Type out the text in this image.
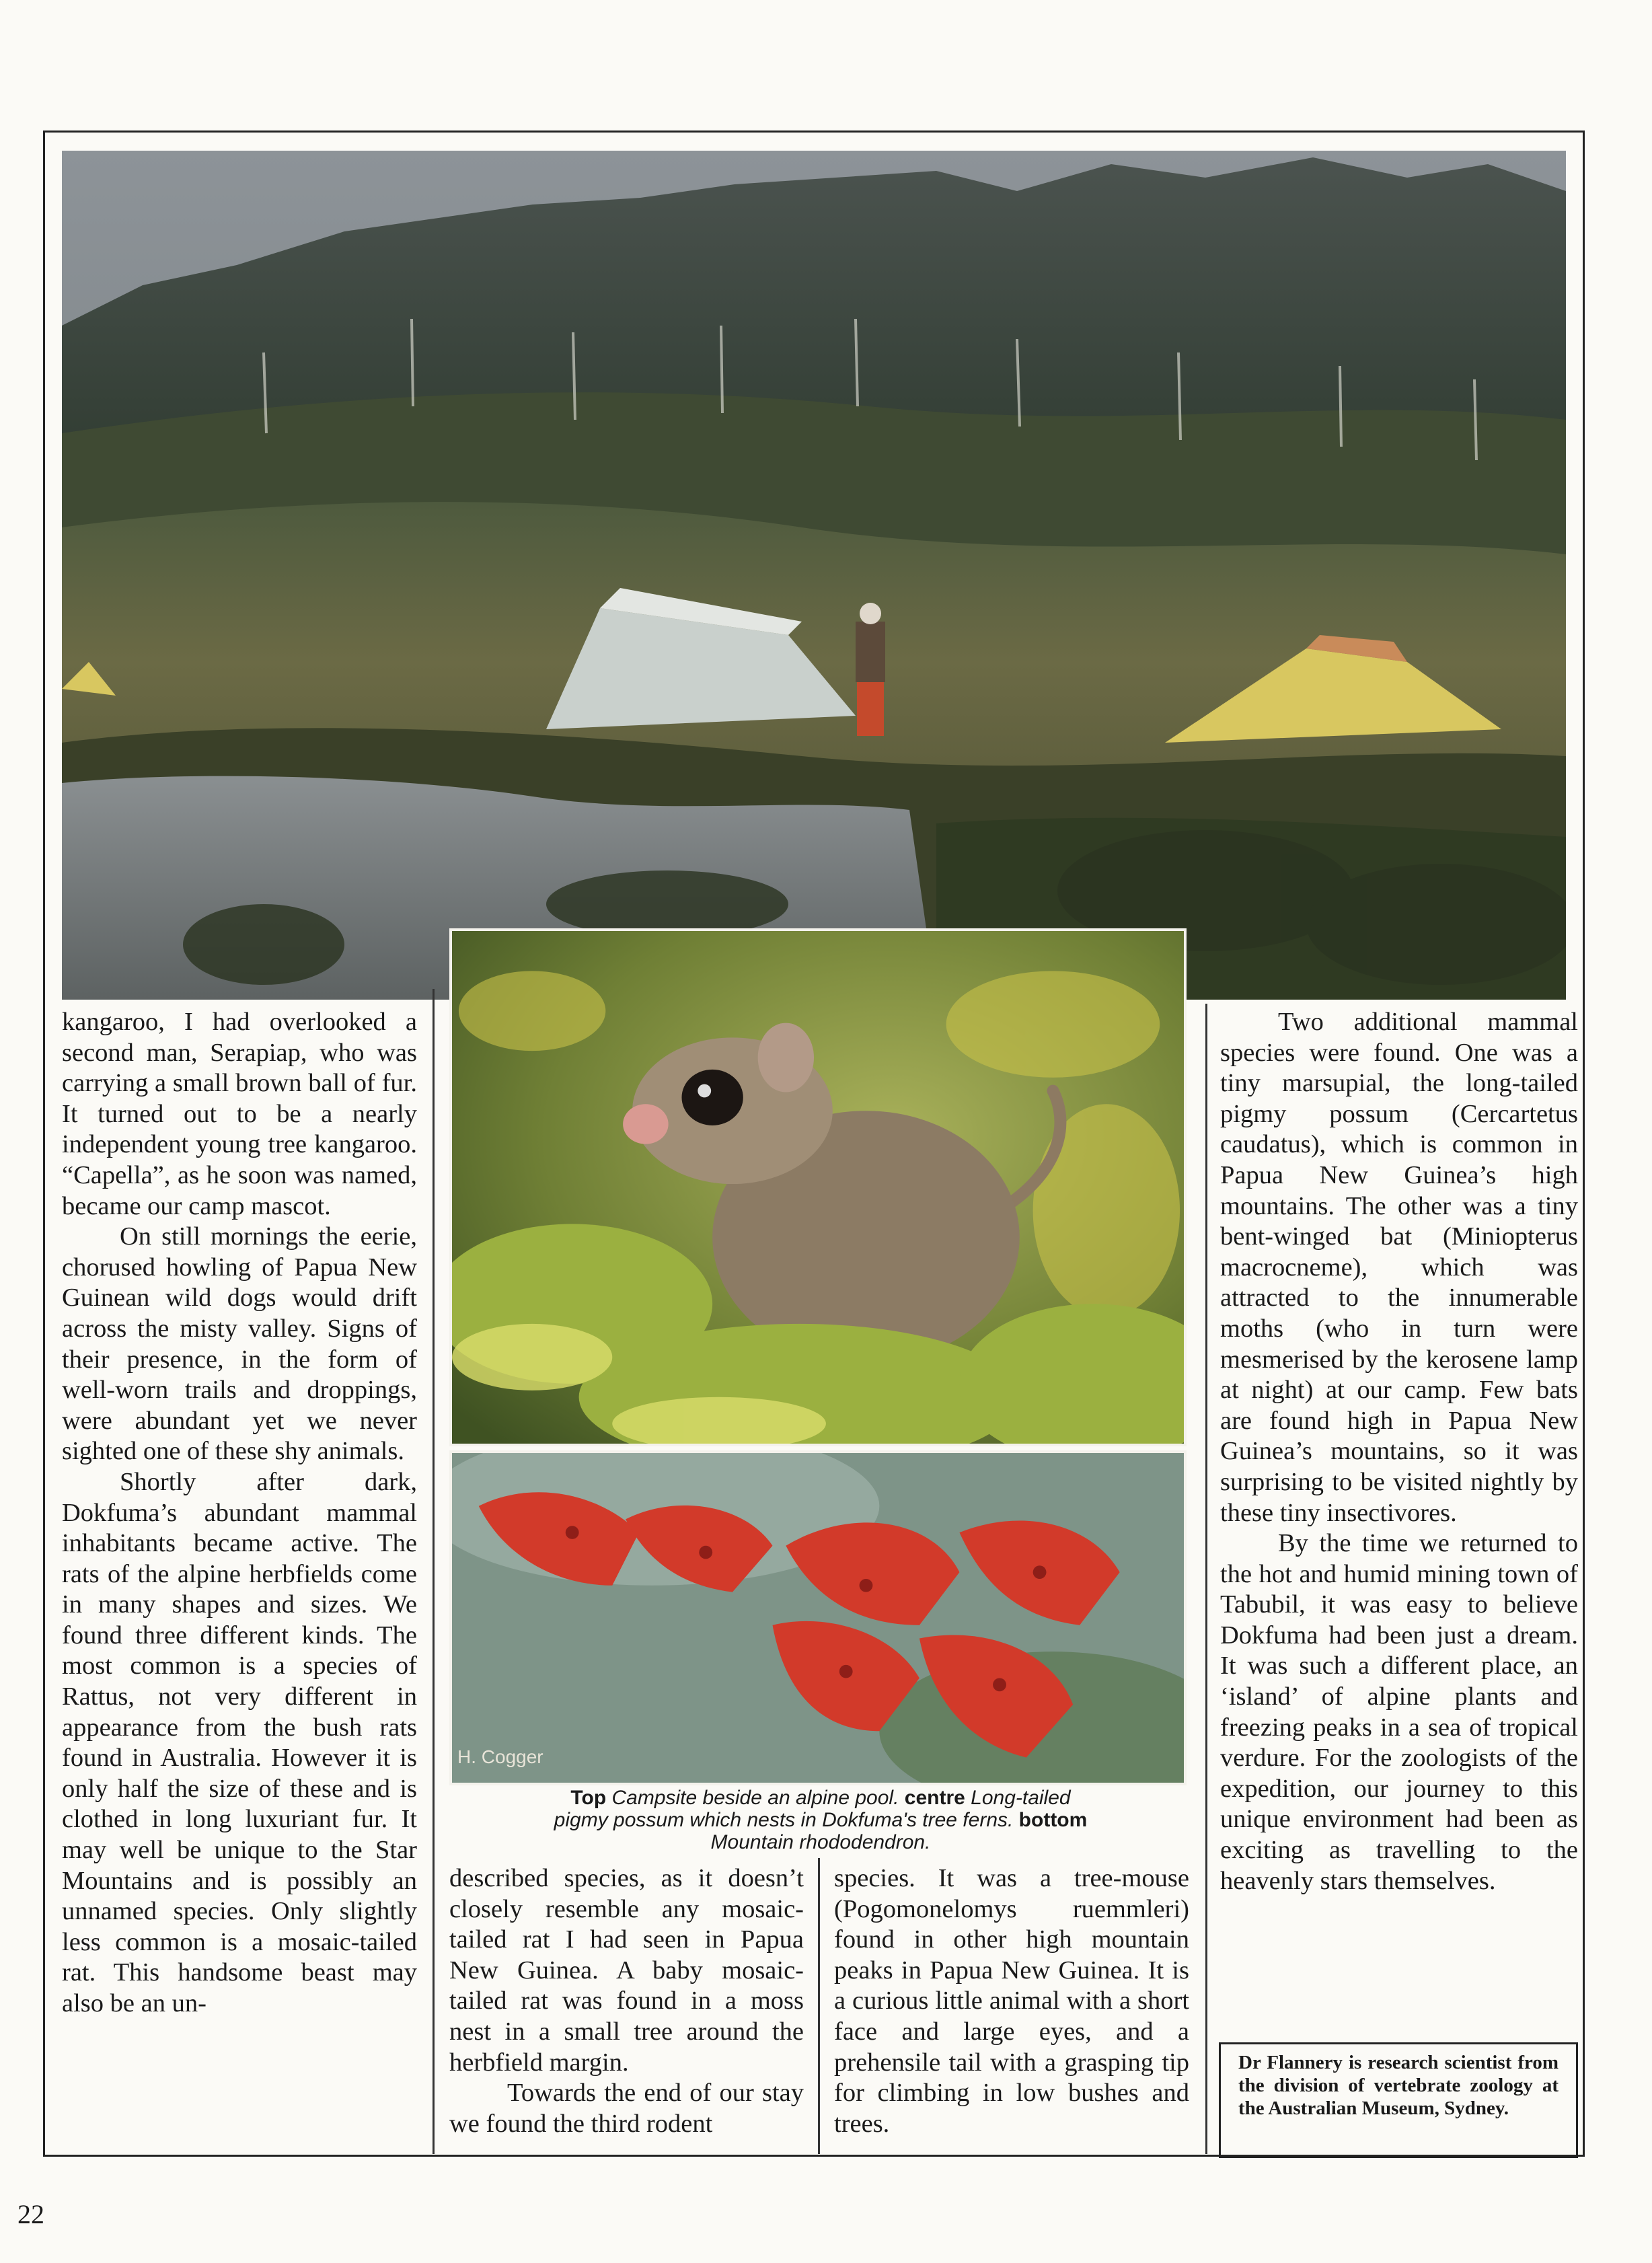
H. Cogger
Top Campsite beside an alpine pool. centre Long-tailed pigmy possum which nests in Dokfuma's tree ferns. bottom Mountain rhododendron.

kangaroo, I had overlooked a second man, Serapiap, who was carrying a small brown ball of fur. It turned out to be a nearly independent young tree kangaroo. “Capella”, as he soon was named, became our camp mascot.

On still mornings the eerie, chorused howling of Papua New Guinean wild dogs would drift across the misty valley. Signs of their presence, in the form of well-worn trails and droppings, were abundant yet we never sighted one of these shy animals.

Shortly after dark, Dokfuma’s abundant mammal inhabitants became active. The rats of the alpine herbfields come in many shapes and sizes. We found three different kinds. The most common is a species of Rattus, not very different in appearance from the bush rats found in Australia. However it is only half the size of these and is clothed in long luxuriant fur. It may well be unique to the Star Mountains and is possibly an unnamed species. Only slightly less common is a mosaic-tailed rat. This handsome beast may also be an un-

described species, as it doesn’t closely resemble any mosaic-tailed rat I had seen in Papua New Guinea. A baby mosaic-tailed rat was found in a moss nest in a small tree around the herbfield margin.

Towards the end of our stay we found the third rodent

species. It was a tree-mouse (Pogomonelomys ruemmleri) found in other high mountain peaks in Papua New Guinea. It is a curious little animal with a short face and large eyes, and a prehensile tail with a grasping tip for climbing in low bushes and trees.

Two additional mammal species were found. One was a tiny marsupial, the long-tailed pigmy possum (Cercartetus caudatus), which is common in Papua New Guinea’s high mountains. The other was a tiny bent-winged bat (Miniopterus macrocneme), which was attracted to the innumerable moths (who in turn were mesmerised by the kerosene lamp at night) at our camp. Few bats are found high in Papua New Guinea’s mountains, so it was surprising to be visited nightly by these tiny insectivores.

By the time we returned to the hot and humid mining town of Tabubil, it was easy to believe Dokfuma had been just a dream. It was such a different place, an ‘island’ of alpine plants and freezing peaks in a sea of tropical verdure. For the zoologists of the expedition, our journey to this unique environment had been as exciting as travelling to the heavenly stars themselves.

Dr Flannery is research scientist from the division of vertebrate zoology at the Australian Museum, Sydney.
22
